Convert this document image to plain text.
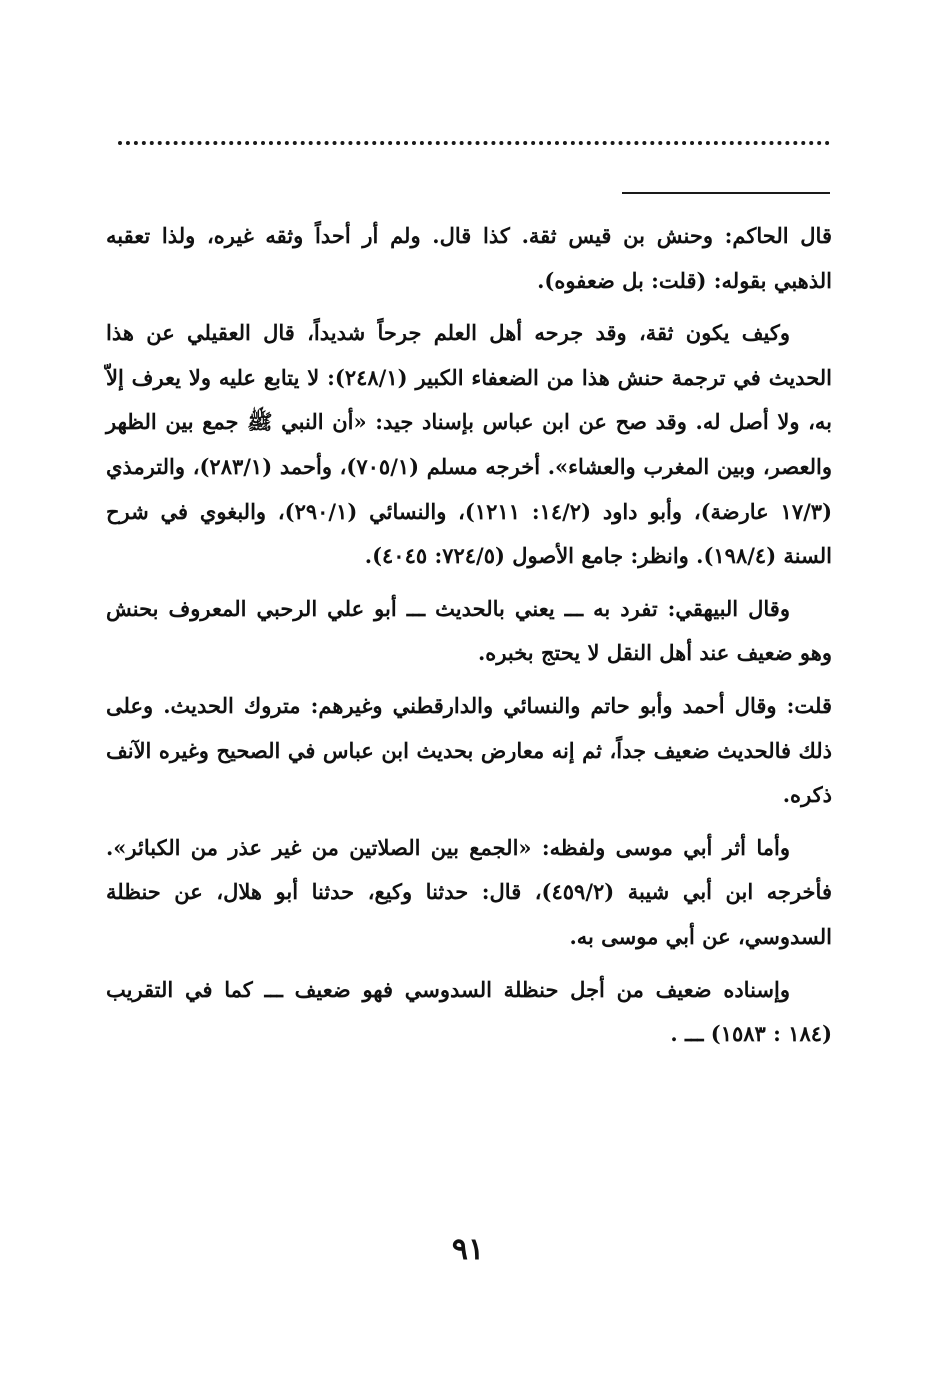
قال الحاكم: وحنش بن قيس ثقة. كذا قال. ولم أر أحداً وثقه غيره، ولذا تعقبه الذهبي بقوله: (قلت: بل ضعفوه).

وكيف يكون ثقة، وقد جرحه أهل العلم جرحاً شديداً، قال العقيلي عن هذا الحديث في ترجمة حنش هذا من الضعفاء الكبير (٢٤٨/١): لا يتابع عليه ولا يعرف إلاّ به، ولا أصل له. وقد صح عن ابن عباس بإسناد جيد: «أن النبي ﷺ جمع بين الظهر والعصر، وبين المغرب والعشاء». أخرجه مسلم (٧٠٥/١)، وأحمد (٢٨٣/١)، والترمذي (١٧/٣ عارضة)، وأبو داود (١٤/٢: ١٢١١)، والنسائي (٢٩٠/١)، والبغوي في شرح السنة (١٩٨/٤). وانظر: جامع الأصول (٧٢٤/٥: ٤٠٤٥).

وقال البيهقي: تفرد به ـــ يعني بالحديث ـــ أبو علي الرحبي المعروف بحنش وهو ضعيف عند أهل النقل لا يحتج بخبره.

قلت: وقال أحمد وأبو حاتم والنسائي والدارقطني وغيرهم: متروك الحديث. وعلى ذلك فالحديث ضعيف جداً، ثم إنه معارض بحديث ابن عباس في الصحيح وغيره الآنف ذكره.

وأما أثر أبي موسى ولفظه: «الجمع بين الصلاتين من غير عذر من الكبائر». فأخرجه ابن أبي شيبة (٤٥٩/٢)، قال: حدثنا وكيع، حدثنا أبو هلال، عن حنظلة السدوسي، عن أبي موسى به.

وإسناده ضعيف من أجل حنظلة السدوسي فهو ضعيف ـــ كما في التقريب (١٨٤ : ١٥٨٣) ـــ .

٩١
